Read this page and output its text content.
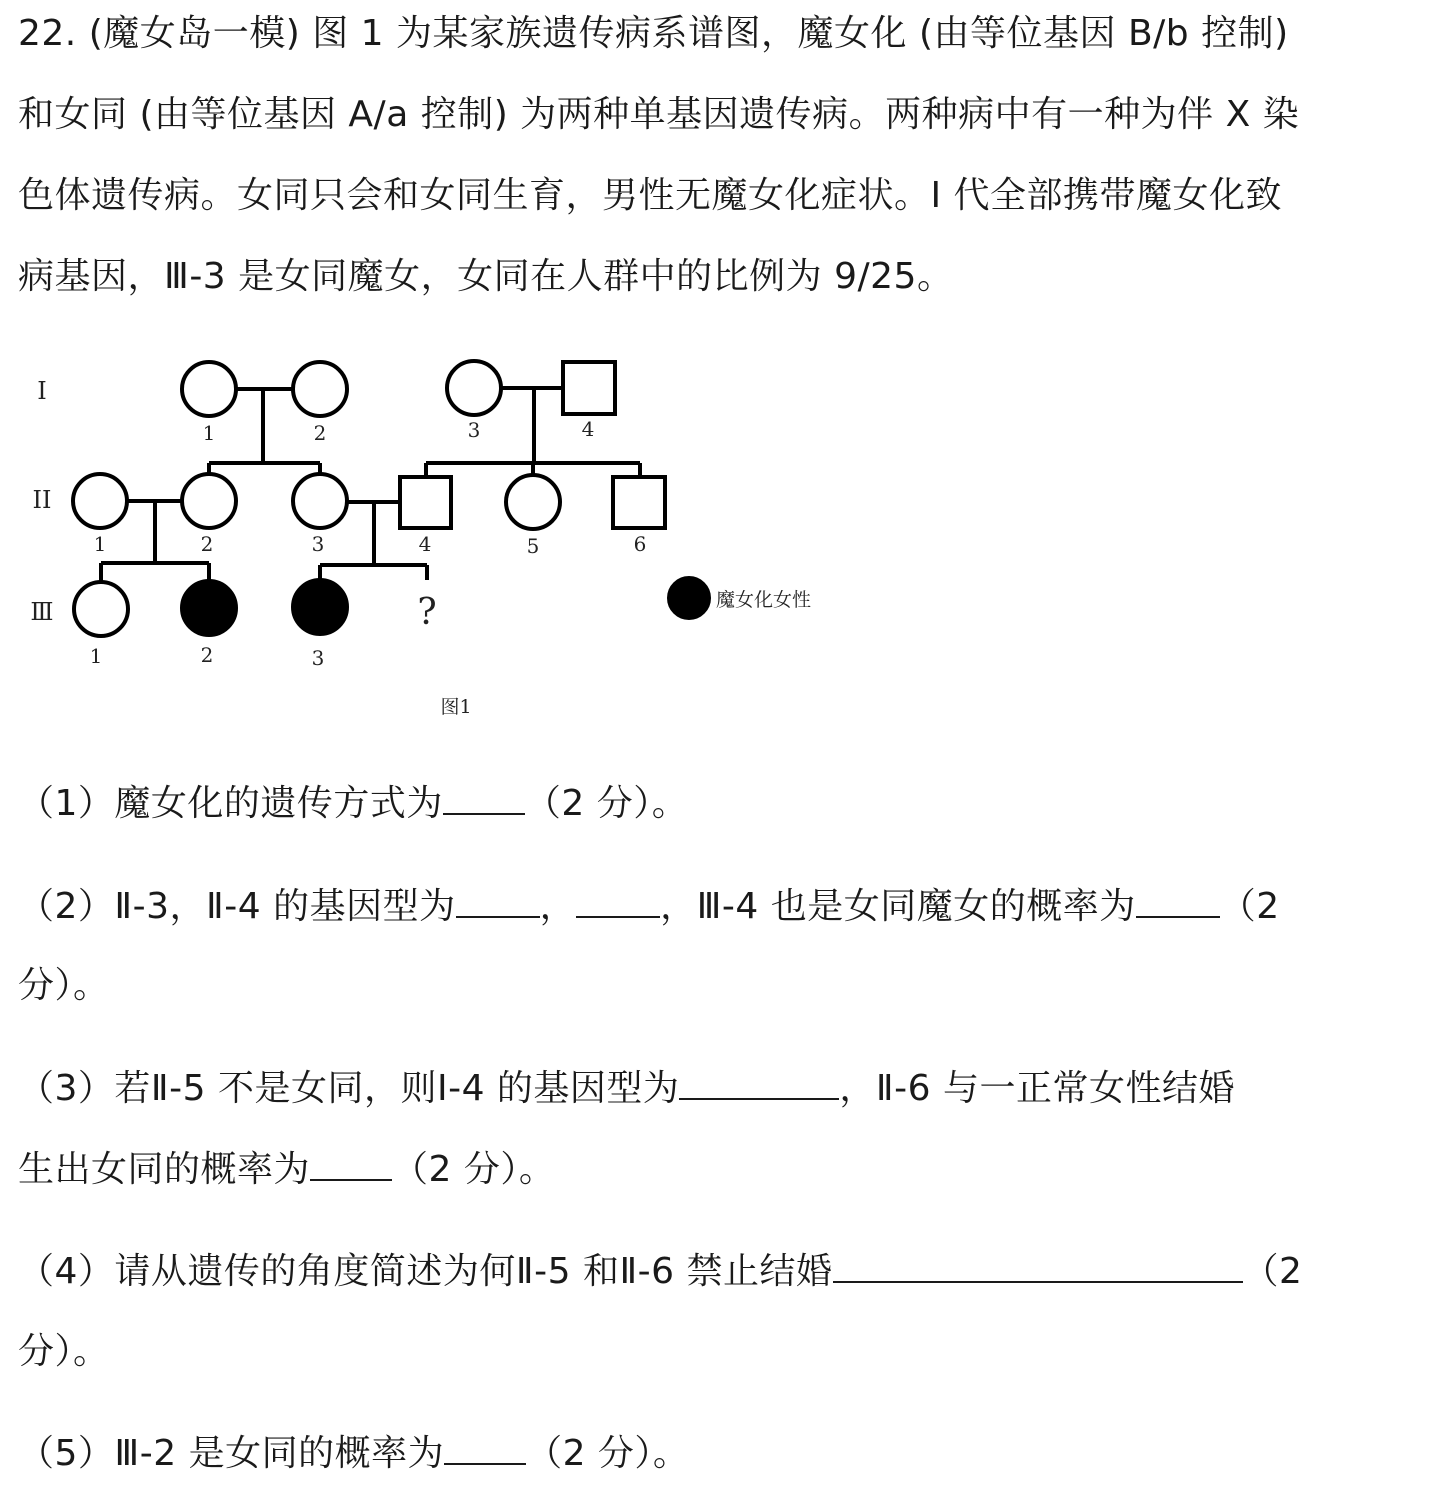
22. (魔女岛一模) 图 1 为某家族遗传病系谱图，魔女化 (由等位基因 B/b 控制)
和女同 (由等位基因 A/a 控制) 为两种单基因遗传病。两种病中有一种为伴 X 染
色体遗传病。女同只会和女同生育，男性无魔女化症状。I 代全部携带魔女化致
病基因，Ⅲ-3 是女同魔女，女同在人群中的比例为 9/25。
I
II
Ⅲ
1	2	3	4
1	2	3	4	5	6
1	2	3
?	魔女化女性
图1
（1）魔女化的遗传方式为 （2 分）。
（2）Ⅱ-3，Ⅱ-4 的基因型为 ， ，Ⅲ-4 也是女同魔女的概率为 （2
分）。
（3）若Ⅱ-5 不是女同，则Ⅰ-4 的基因型为	，Ⅱ-6 与一正常女性结婚
生出女同的概率为 （2 分）。
（4）请从遗传的角度简述为何Ⅱ-5 和Ⅱ-6 禁止结婚	（2
分）。
（5）Ⅲ-2 是女同的概率为 （2 分）。
